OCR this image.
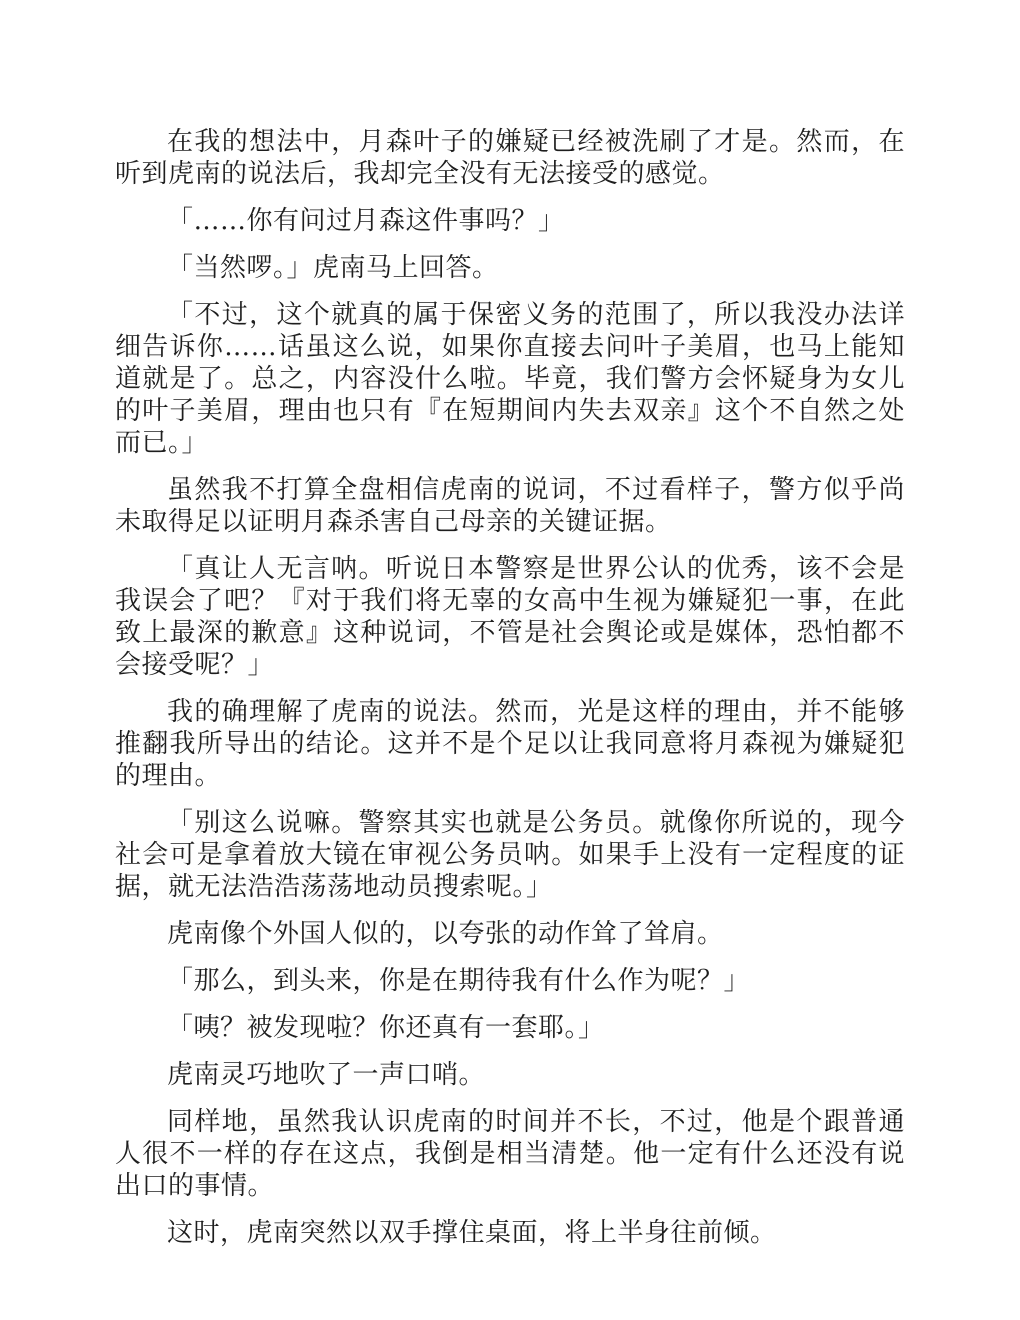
在我的想法中，月森叶子的嫌疑已经被洗刷了才是。然而，在听到虎南的说法后，我却完全没有无法接受的感觉。

「……你有问过月森这件事吗？」

「当然啰。」虎南马上回答。

「不过，这个就真的属于保密义务的范围了，所以我没办法详细告诉你……话虽这么说，如果你直接去问叶子美眉，也马上能知道就是了。总之，内容没什么啦。毕竟，我们警方会怀疑身为女儿的叶子美眉，理由也只有『在短期间内失去双亲』这个不自然之处而已。」

虽然我不打算全盘相信虎南的说词，不过看样子，警方似乎尚未取得足以证明月森杀害自己母亲的关键证据。

「真让人无言呐。听说日本警察是世界公认的优秀，该不会是我误会了吧？『对于我们将无辜的女高中生视为嫌疑犯一事，在此致上最深的歉意』这种说词，不管是社会舆论或是媒体，恐怕都不会接受呢？」

我的确理解了虎南的说法。然而，光是这样的理由，并不能够推翻我所导出的结论。这并不是个足以让我同意将月森视为嫌疑犯的理由。

「别这么说嘛。警察其实也就是公务员。就像你所说的，现今社会可是拿着放大镜在审视公务员呐。如果手上没有一定程度的证据，就无法浩浩荡荡地动员搜索呢。」

虎南像个外国人似的，以夸张的动作耸了耸肩。

「那么，到头来，你是在期待我有什么作为呢？」

「咦？被发现啦？你还真有一套耶。」

虎南灵巧地吹了一声口哨。

同样地，虽然我认识虎南的时间并不长，不过，他是个跟普通人很不一样的存在这点，我倒是相当清楚。他一定有什么还没有说出口的事情。

这时，虎南突然以双手撑住桌面，将上半身往前倾。
